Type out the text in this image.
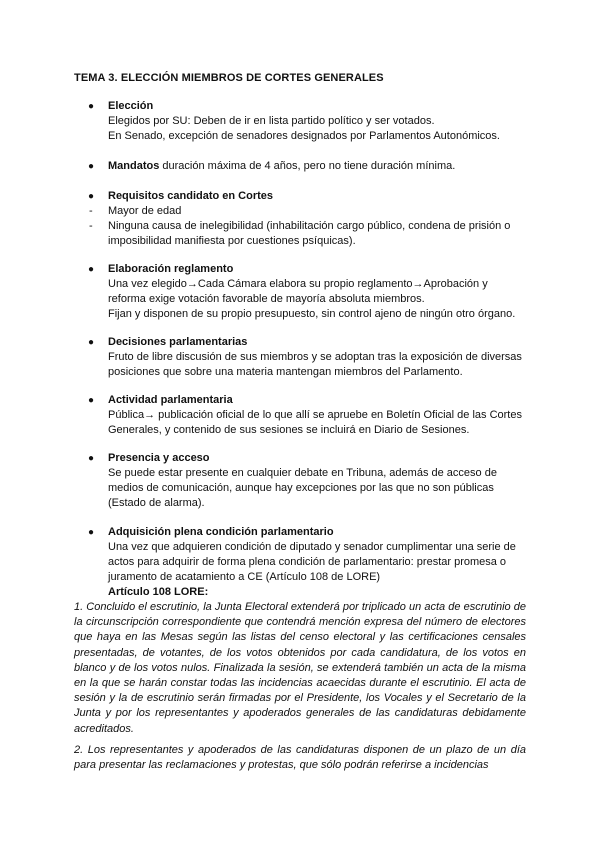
TEMA 3. ELECCIÓN MIEMBROS DE CORTES GENERALES
●	Elección
Elegidos por SU: Deben de ir en lista partido político y ser votados.
En Senado, excepción de senadores designados por Parlamentos Autonómicos.
●	Mandatos duración máxima de 4 años, pero no tiene duración mínima.
●	Requisitos candidato en Cortes
- Mayor de edad
- Ninguna causa de inelegibilidad (inhabilitación cargo público, condena de prisión o imposibilidad manifiesta por cuestiones psíquicas).
●	Elaboración reglamento
Una vez elegido→Cada Cámara elabora su propio reglamento→Aprobación y reforma exige votación favorable de mayoría absoluta miembros.
Fijan y disponen de su propio presupuesto, sin control ajeno de ningún otro órgano.
●	Decisiones parlamentarias
Fruto de libre discusión de sus miembros y se adoptan tras la exposición de diversas posiciones que sobre una materia mantengan miembros del Parlamento.
●	Actividad parlamentaria
Pública→ publicación oficial de lo que allí se apruebe en Boletín Oficial de las Cortes Generales, y contenido de sus sesiones se incluirá en Diario de Sesiones.
●	Presencia y acceso
Se puede estar presente en cualquier debate en Tribuna, además de acceso de medios de comunicación, aunque hay excepciones por las que no son públicas (Estado de alarma).
●	Adquisición plena condición parlamentario
Una vez que adquieren condición de diputado y senador cumplimentar una serie de actos para adquirir de forma plena condición de parlamentario: prestar promesa o juramento de acatamiento a CE (Artículo 108 de LORE)
Artículo 108 LORE:
1. Concluido el escrutinio, la Junta Electoral extenderá por triplicado un acta de escrutinio de la circunscripción correspondiente que contendrá mención expresa del número de electores que haya en las Mesas según las listas del censo electoral y las certificaciones censales presentadas, de votantes, de los votos obtenidos por cada candidatura, de los votos en blanco y de los votos nulos. Finalizada la sesión, se extenderá también un acta de la misma en la que se harán constar todas las incidencias acaecidas durante el escrutinio. El acta de sesión y la de escrutinio serán firmadas por el Presidente, los Vocales y el Secretario de la Junta y por los representantes y apoderados generales de las candidaturas debidamente acreditados.
2. Los representantes y apoderados de las candidaturas disponen de un plazo de un día para presentar las reclamaciones y protestas, que sólo podrán referirse a incidencias
